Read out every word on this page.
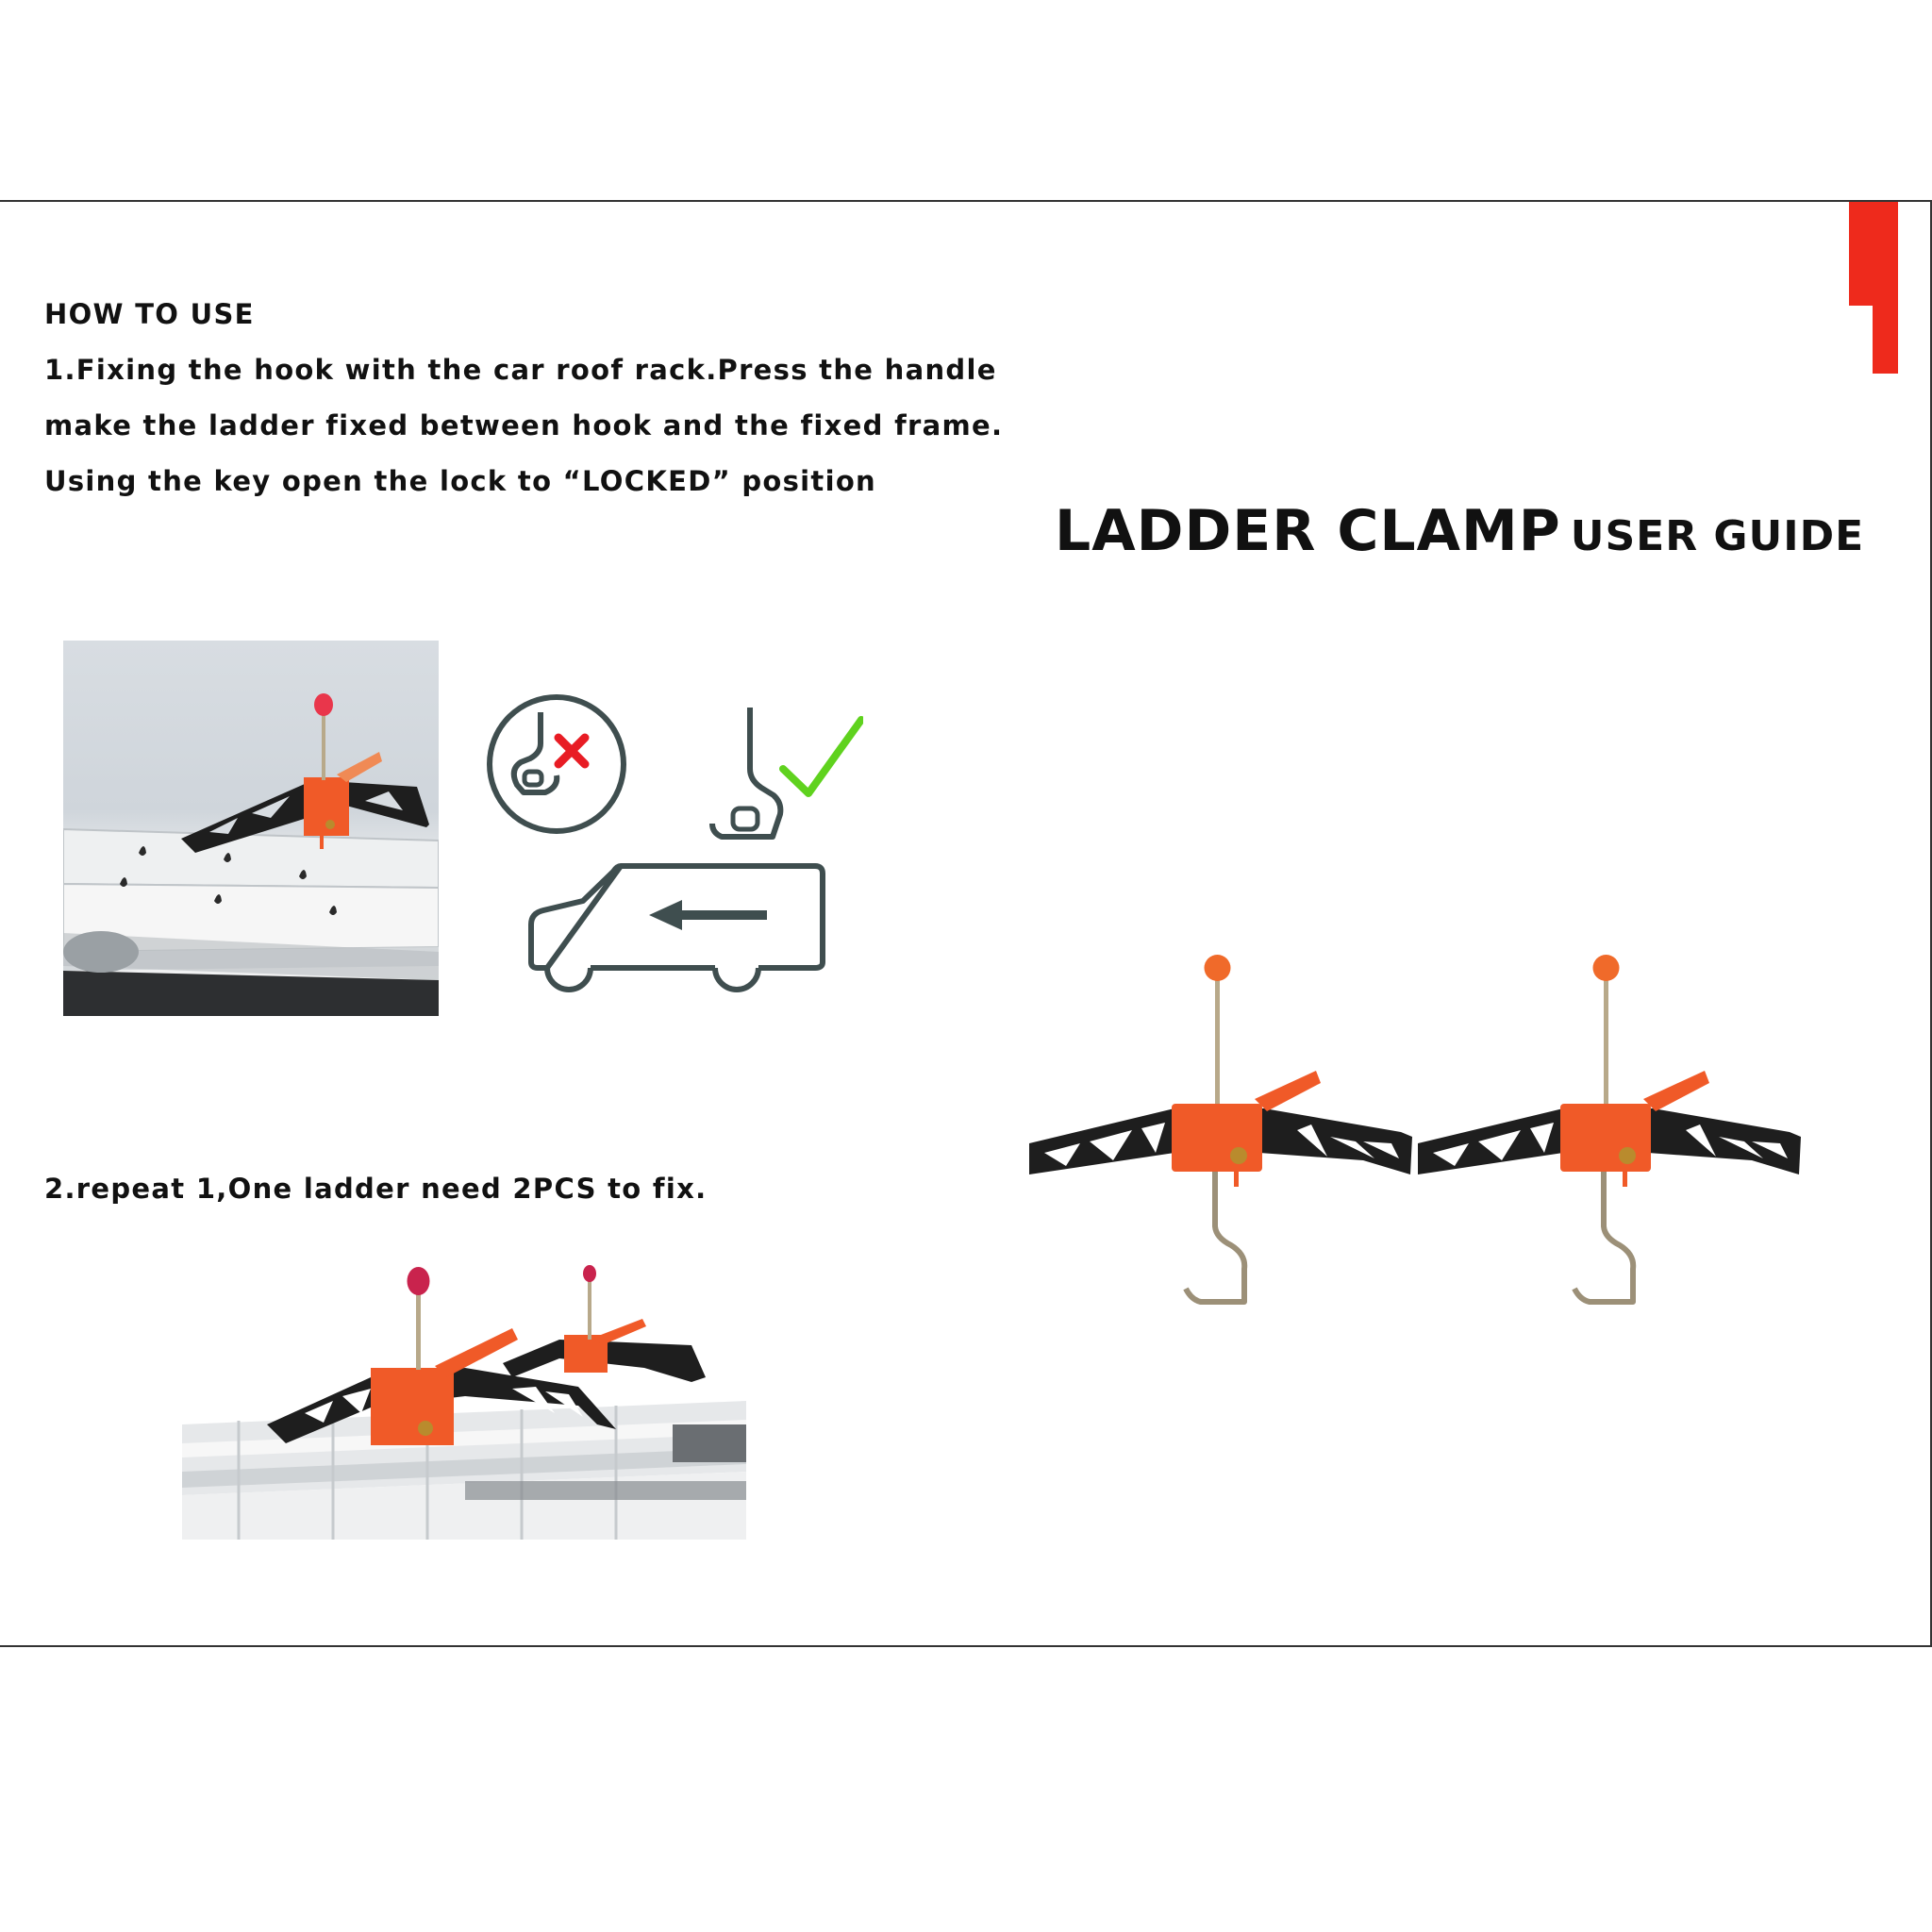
HOW TO USE
1.Fixing the hook with the car roof rack.Press the handle
make the ladder fixed between hook and the fixed frame.
Using the key open the lock to “LOCKED” position
2.repeat 1,One ladder need 2PCS to fix.
LADDER CLAMP USER GUIDE
